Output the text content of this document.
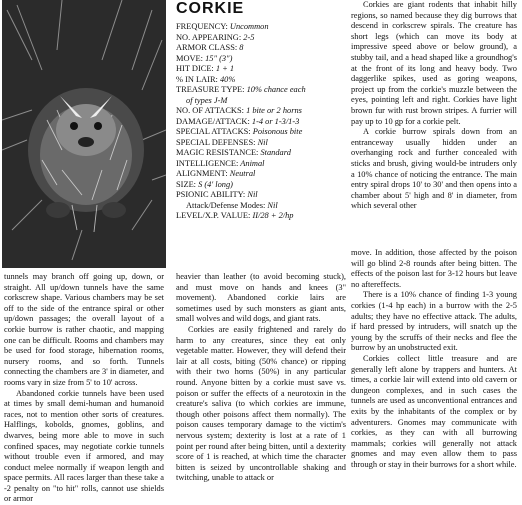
CORKIE
FREQUENCY: Uncommon
NO. APPEARING: 2-5
ARMOR CLASS: 8
MOVE: 15" (3")
HIT DICE: 1 + 1
% IN LAIR: 40%
TREASURE TYPE: 10% chance each
of types J-M
NO. OF ATTACKS: 1 bite or 2 horns
DAMAGE/ATTACK: 1-4 or 1-3/1-3
SPECIAL ATTACKS: Poisonous bite
SPECIAL DEFENSES: Nil
MAGIC RESISTANCE: Standard
INTELLIGENCE: Animal
ALIGNMENT: Neutral
SIZE: S (4' long)
PSIONIC ABILITY: Nil
Attack/Defense Modes: Nil
LEVEL/X.P. VALUE: II/28 + 2/hp

tunnels may branch off going up, down, or straight. All up/down tunnels have the same corkscrew shape. Various chambers may be set off to the side of the entrance spiral or other up/down passages; the overall layout of a corkie burrow is rather chaotic, and mapping one can be difficult. Rooms and chambers may be used for food storage, hibernation rooms, nursery rooms, and so forth. Tunnels connecting the chambers are 3' in diameter, and rooms vary in size from 5' to 10' across.

Abandoned corkie tunnels have been used at times by small demi-human and humanoid races, not to mention other sorts of creatures. Halflings, kobolds, gnomes, goblins, and dwarves, being more able to move in such confined spaces, may negotiate corkie tunnels without trouble even if armored, and may conduct melee normally if weapon length and space permits. All races larger than these take a -2 penalty on "to hit" rolls, cannot use shields or armor

heavier than leather (to avoid becoming stuck), and must move on hands and knees (3" movement). Abandoned corkie lairs are sometimes used by such monsters as giant ants, small wolves and wild dogs, and giant rats.

Corkies are easily frightened and rarely do harm to any creatures, since they eat only vegetable matter. However, they will defend their lair at all costs, biting (50% chance) or ripping with their two horns (50%) in any particular round. Anyone bitten by a corkie must save vs. poison or suffer the effects of a neurotoxin in the creature's saliva (to which corkies are immune, though other poisons affect them normally). The poison causes temporary damage to the victim's nervous system; dexterity is lost at a rate of 1 point per round after being bitten, until a dexterity score of 1 is reached, at which time the character bitten is seized by uncontrollable shaking and twitching, unable to attack or

Corkies are giant rodents that inhabit hilly regions, so named because they dig burrows that descend in corkscrew spirals. The creature has short legs (which can move its body at impressive speed above or below ground), a stubby tail, and a head shaped like a groundhog's at the front of its long and heavy body. Two daggerlike spikes, used as goring weapons, project up from the corkie's muzzle between the eyes, pointing left and right. Corkies have light brown fur with rust brown stripes. A furrier will pay up to 10 gp for a corkie pelt.

A corkie burrow spirals down from an entranceway usually hidden under an overhanging rock and further concealed with sticks and brush, giving would-be intruders only a 10% chance of noticing the entrance. The main entry spiral drops 10' to 30' and then opens into a chamber about 5' high and 8' in diameter, from which several other

move. In addition, those affected by the poison will go blind 2-8 rounds after being bitten. The effects of the poison last for 3-12 hours but leave no aftereffects.

There is a 10% chance of finding 1-3 young corkies (1-4 hp each) in a burrow with the 2-5 adults; they have no effective attack. The adults, if hard pressed by intruders, will snatch up the young by the scruffs of their necks and flee the burrow by an unobstructed exit.

Corkies collect little treasure and are generally left alone by trappers and hunters. At times, a corkie lair will extend into old cavern or dungeon complexes, and in such cases the tunnels are used as unconventional entrances and exits by the inhabitants of the complex or by adventurers. Gnomes may communicate with corkies, as they can with all burrowing mammals; corkies will generally not attack gnomes and may even allow them to pass through or stay in their burrows for a short while.
